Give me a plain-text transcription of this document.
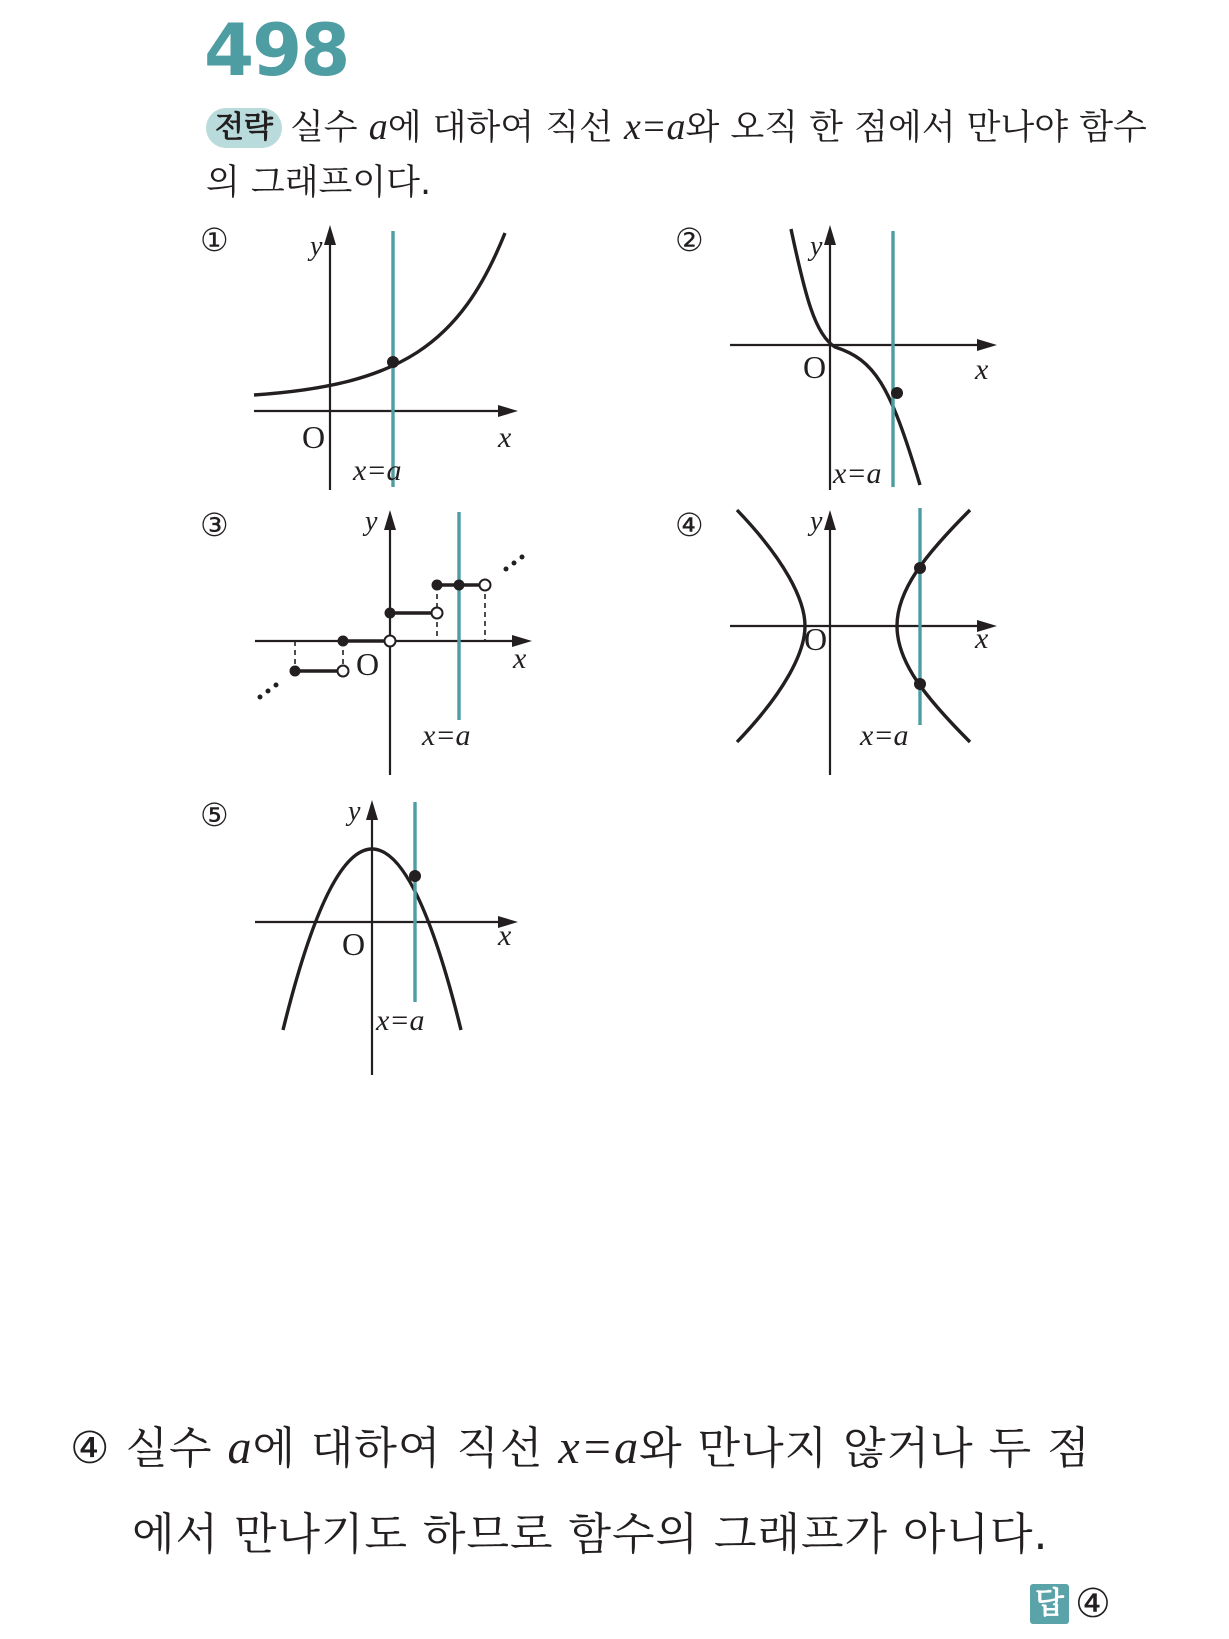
498
전략 실수 a에 대하여 직선 x=a와 오직 한 점에서 만나야 함수
의 그래프이다.
①	y
x
O
x=a
②	y
x
O
x=a
③	y
x
O
x=a
④	y
x
O
x=a
⑤	y
x
O
x=a
④ 실수 a에 대하여 직선 x=a와 만나지 않거나 두 점
에서 만나기도 하므로 함수의 그래프가 아니다.
답 ④
